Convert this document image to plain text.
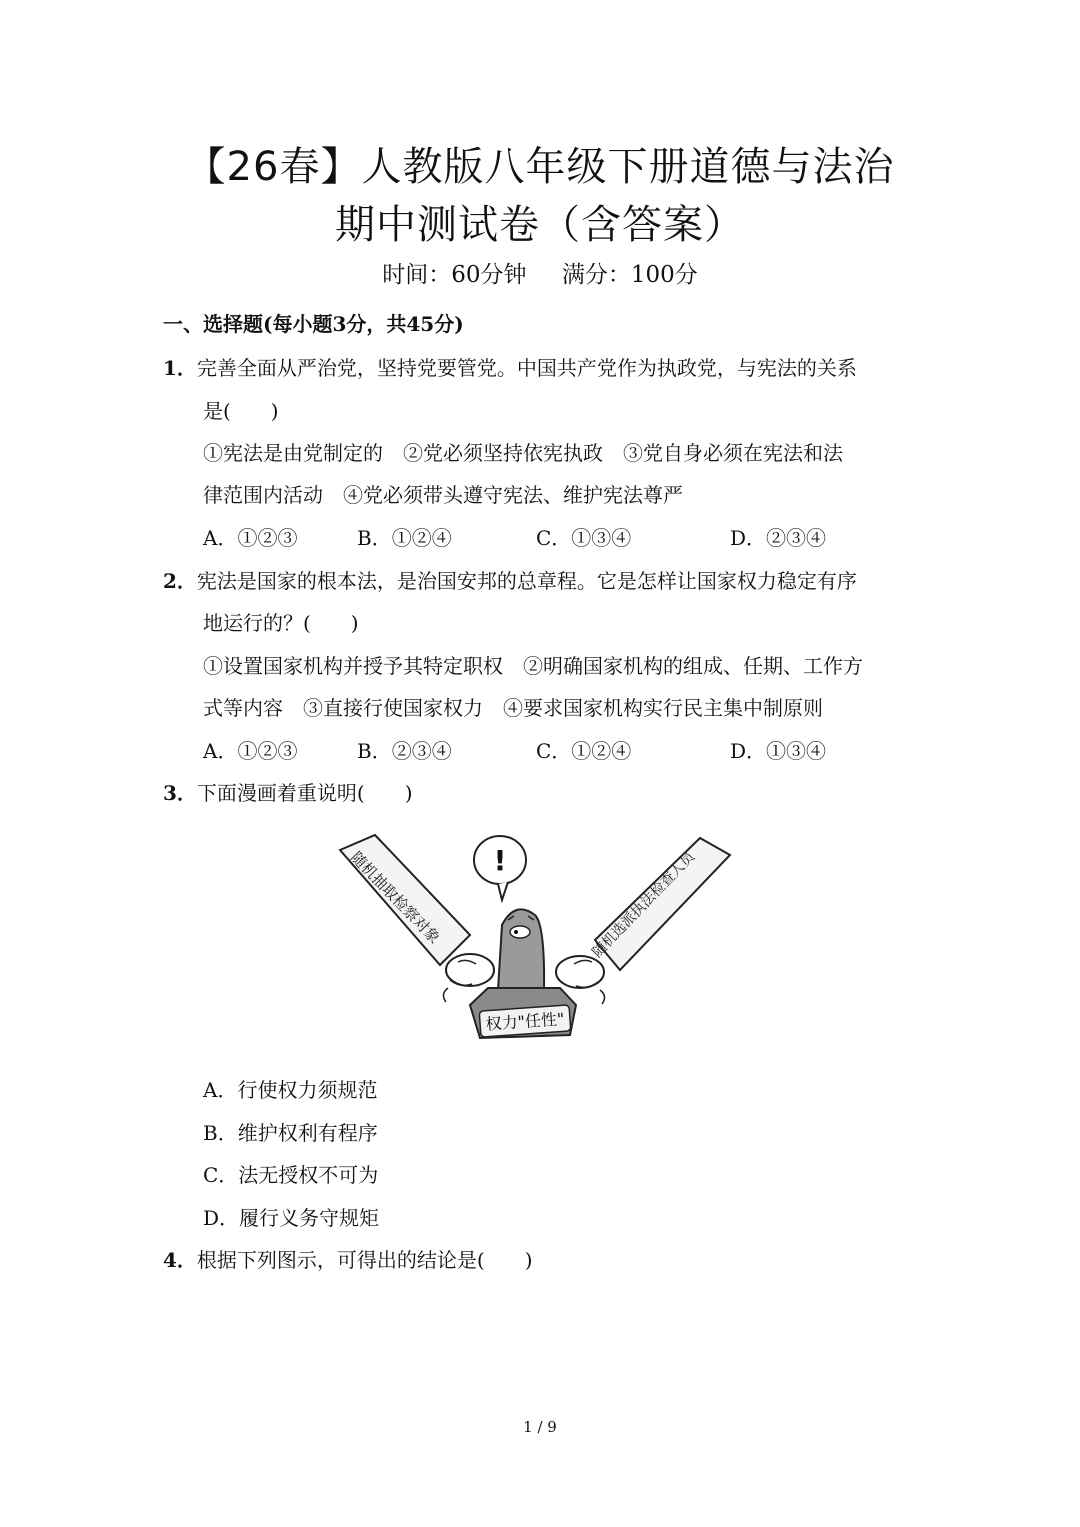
【26春】人教版八年级下册道德与法治
期中测试卷（含答案）
时间：60分钟 满分：100分
一、选择题(每小题3分，共45分)
1．完善全面从严治党，坚持党要管党。中国共产党作为执政党，与宪法的关系
是(　　)
①宪法是由党制定的　②党必须坚持依宪执政　③党自身必须在宪法和法
律范围内活动　④党必须带头遵守宪法、维护宪法尊严
A．①②③	B．①②④	C．①③④	D．②③④
2．宪法是国家的根本法，是治国安邦的总章程。它是怎样让国家权力稳定有序
地运行的？(　　)
①设置国家机构并授予其特定职权　②明确国家机构的组成、任期、工作方
式等内容　③直接行使国家权力　④要求国家机构实行民主集中制原则
A．①②③	B．②③④	C．①②④	D．①③④
3．下面漫画着重说明(　　)
随机抽取检察对象	随机选派执法检查人员
!
权力"任性"
A．行使权力须规范
B．维护权利有程序
C．法无授权不可为
D．履行义务守规矩
4．根据下列图示，可得出的结论是(　　)
1 / 9
